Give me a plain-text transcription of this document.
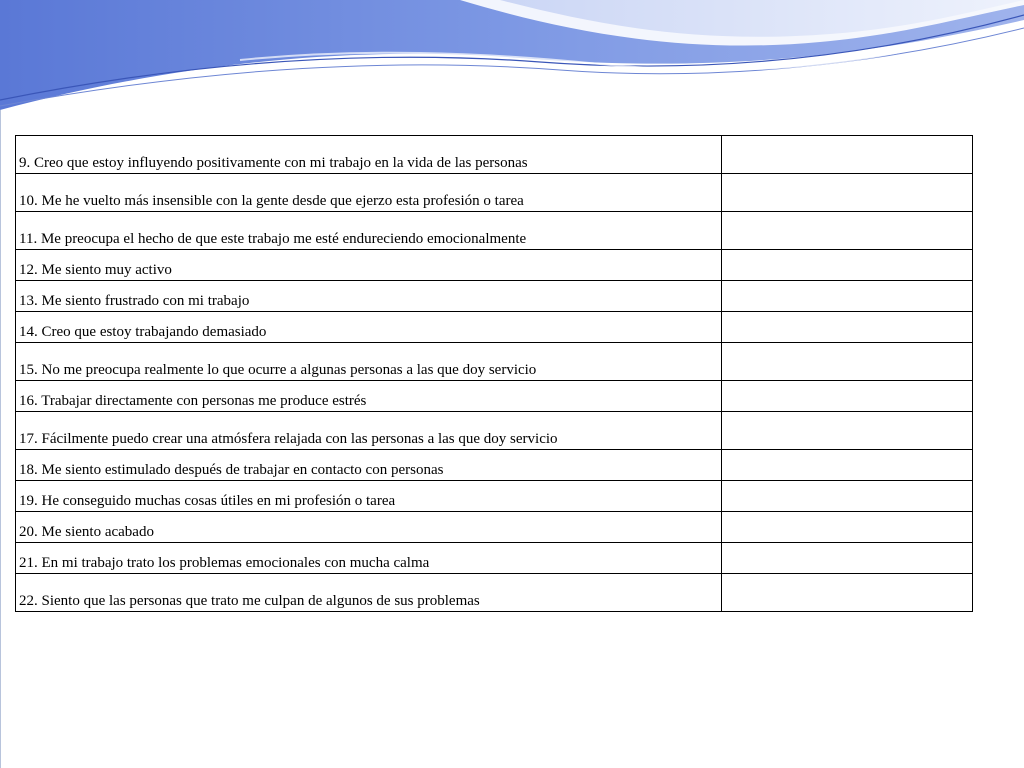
9. Creo que estoy influyendo positivamente con mi trabajo en la vida de las personas	
10. Me he vuelto más insensible con la gente desde que ejerzo esta profesión o tarea	
11. Me preocupa el hecho de que este trabajo me esté endureciendo emocionalmente	
12. Me siento muy activo	
13. Me siento frustrado con mi trabajo	
14. Creo que estoy trabajando demasiado	
15. No me preocupa realmente lo que ocurre a algunas personas a las que doy servicio	
16. Trabajar directamente con personas me produce estrés	
17. Fácilmente puedo crear una atmósfera relajada con las personas a las que doy servicio	
18. Me siento estimulado después de trabajar en contacto con personas	
19. He conseguido muchas cosas útiles en mi profesión o tarea	
20. Me siento acabado	
21. En mi trabajo trato los problemas emocionales con mucha calma	
22. Siento que las personas que trato me culpan de algunos de sus problemas	
